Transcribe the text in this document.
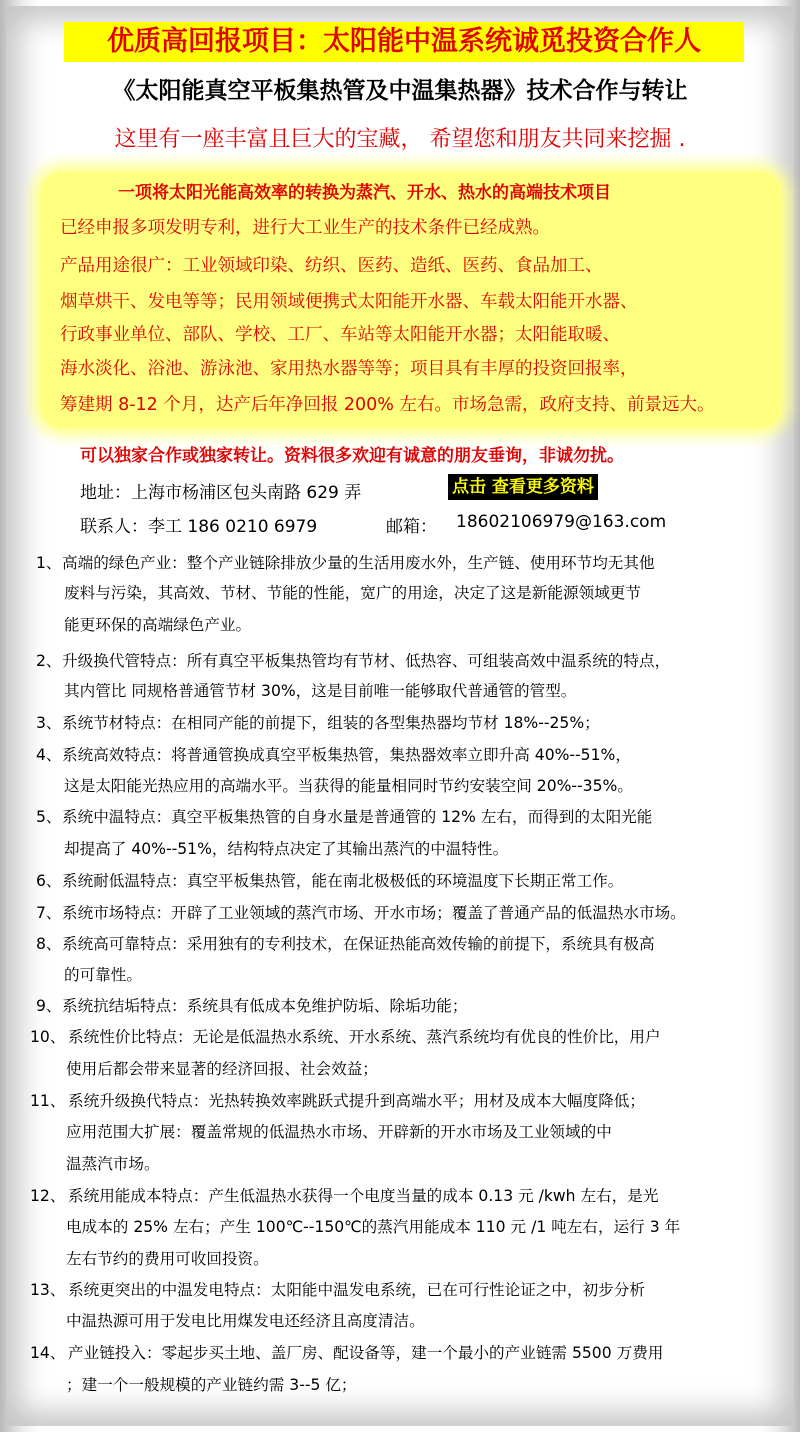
优质高回报项目：太阳能中温系统诚觅投资合作人
《太阳能真空平板集热管及中温集热器》技术合作与转让
这里有一座丰富且巨大的宝藏， 希望您和朋友共同来挖掘 .
一项将太阳光能高效率的转换为蒸汽、开水、热水的高端技术项目
已经申报多项发明专利，进行大工业生产的技术条件已经成熟。
产品用途很广：工业领域印染、纺织、医药、造纸、医药、食品加工、
烟草烘干、发电等等；民用领域便携式太阳能开水器、车载太阳能开水器、
行政事业单位、部队、学校、工厂、车站等太阳能开水器；太阳能取暖、
海水淡化、浴池、游泳池、家用热水器等等；项目具有丰厚的投资回报率，
筹建期 8-12 个月，达产后年净回报 200% 左右。市场急需，政府支持、前景远大。
可以独家合作或独家转让。资料很多欢迎有诚意的朋友垂询，非诚勿扰。
地址：上海市杨浦区包头南路 629 弄	点击 查看更多资料
联系人：李工 186 0210 6979	邮箱： 18602106979@163.com
1、 高端的绿色产业：整个产业链除排放少量的生活用废水外，生产链、使用环节均无其他
废料与污染，其高效、节材、节能的性能，宽广的用途，决定了这是新能源领域更节
能更环保的高端绿色产业。
2、 升级换代管特点：所有真空平板集热管均有节材、低热容、可组装高效中温系统的特点，
其内管比 同规格普通管节材 30%，这是目前唯一能够取代普通管的管型。
3、 系统节材特点：在相同产能的前提下，组装的各型集热器均节材 18%--25%；
4、 系统高效特点：将普通管换成真空平板集热管，集热器效率立即升高 40%--51%，
这是太阳能光热应用的高端水平。当获得的能量相同时节约安装空间 20%--35%。
5、 系统中温特点：真空平板集热管的自身水量是普通管的 12% 左右，而得到的太阳光能
却提高了 40%--51%，结构特点决定了其输出蒸汽的中温特性。
6、 系统耐低温特点：真空平板集热管，能在南北极极低的环境温度下长期正常工作。
7、 系统市场特点：开辟了工业领域的蒸汽市场、开水市场；覆盖了普通产品的低温热水市场。
8、 系统高可靠特点：采用独有的专利技术，在保证热能高效传输的前提下，系统具有极高
的可靠性。
9、 系统抗结垢特点：系统具有低成本免维护防垢、除垢功能；
10、 系统性价比特点：无论是低温热水系统、开水系统、蒸汽系统均有优良的性价比，用户
使用后都会带来显著的经济回报、社会效益；
11、 系统升级换代特点：光热转换效率跳跃式提升到高端水平；用材及成本大幅度降低；
应用范围大扩展：覆盖常规的低温热水市场、开辟新的开水市场及工业领域的中
温蒸汽市场。
12、 系统用能成本特点：产生低温热水获得一个电度当量的成本 0.13 元 /kwh 左右，是光
电成本的 25% 左右；产生 100℃--150℃的蒸汽用能成本 110 元 /1 吨左右，运行 3 年
左右节约的费用可收回投资。
13、 系统更突出的中温发电特点：太阳能中温发电系统，已在可行性论证之中，初步分析
中温热源可用于发电比用煤发电还经济且高度清洁。
14、 产业链投入：零起步买土地、盖厂房、配设备等，建一个最小的产业链需 5500 万费用
；建一个一般规模的产业链约需 3--5 亿；
